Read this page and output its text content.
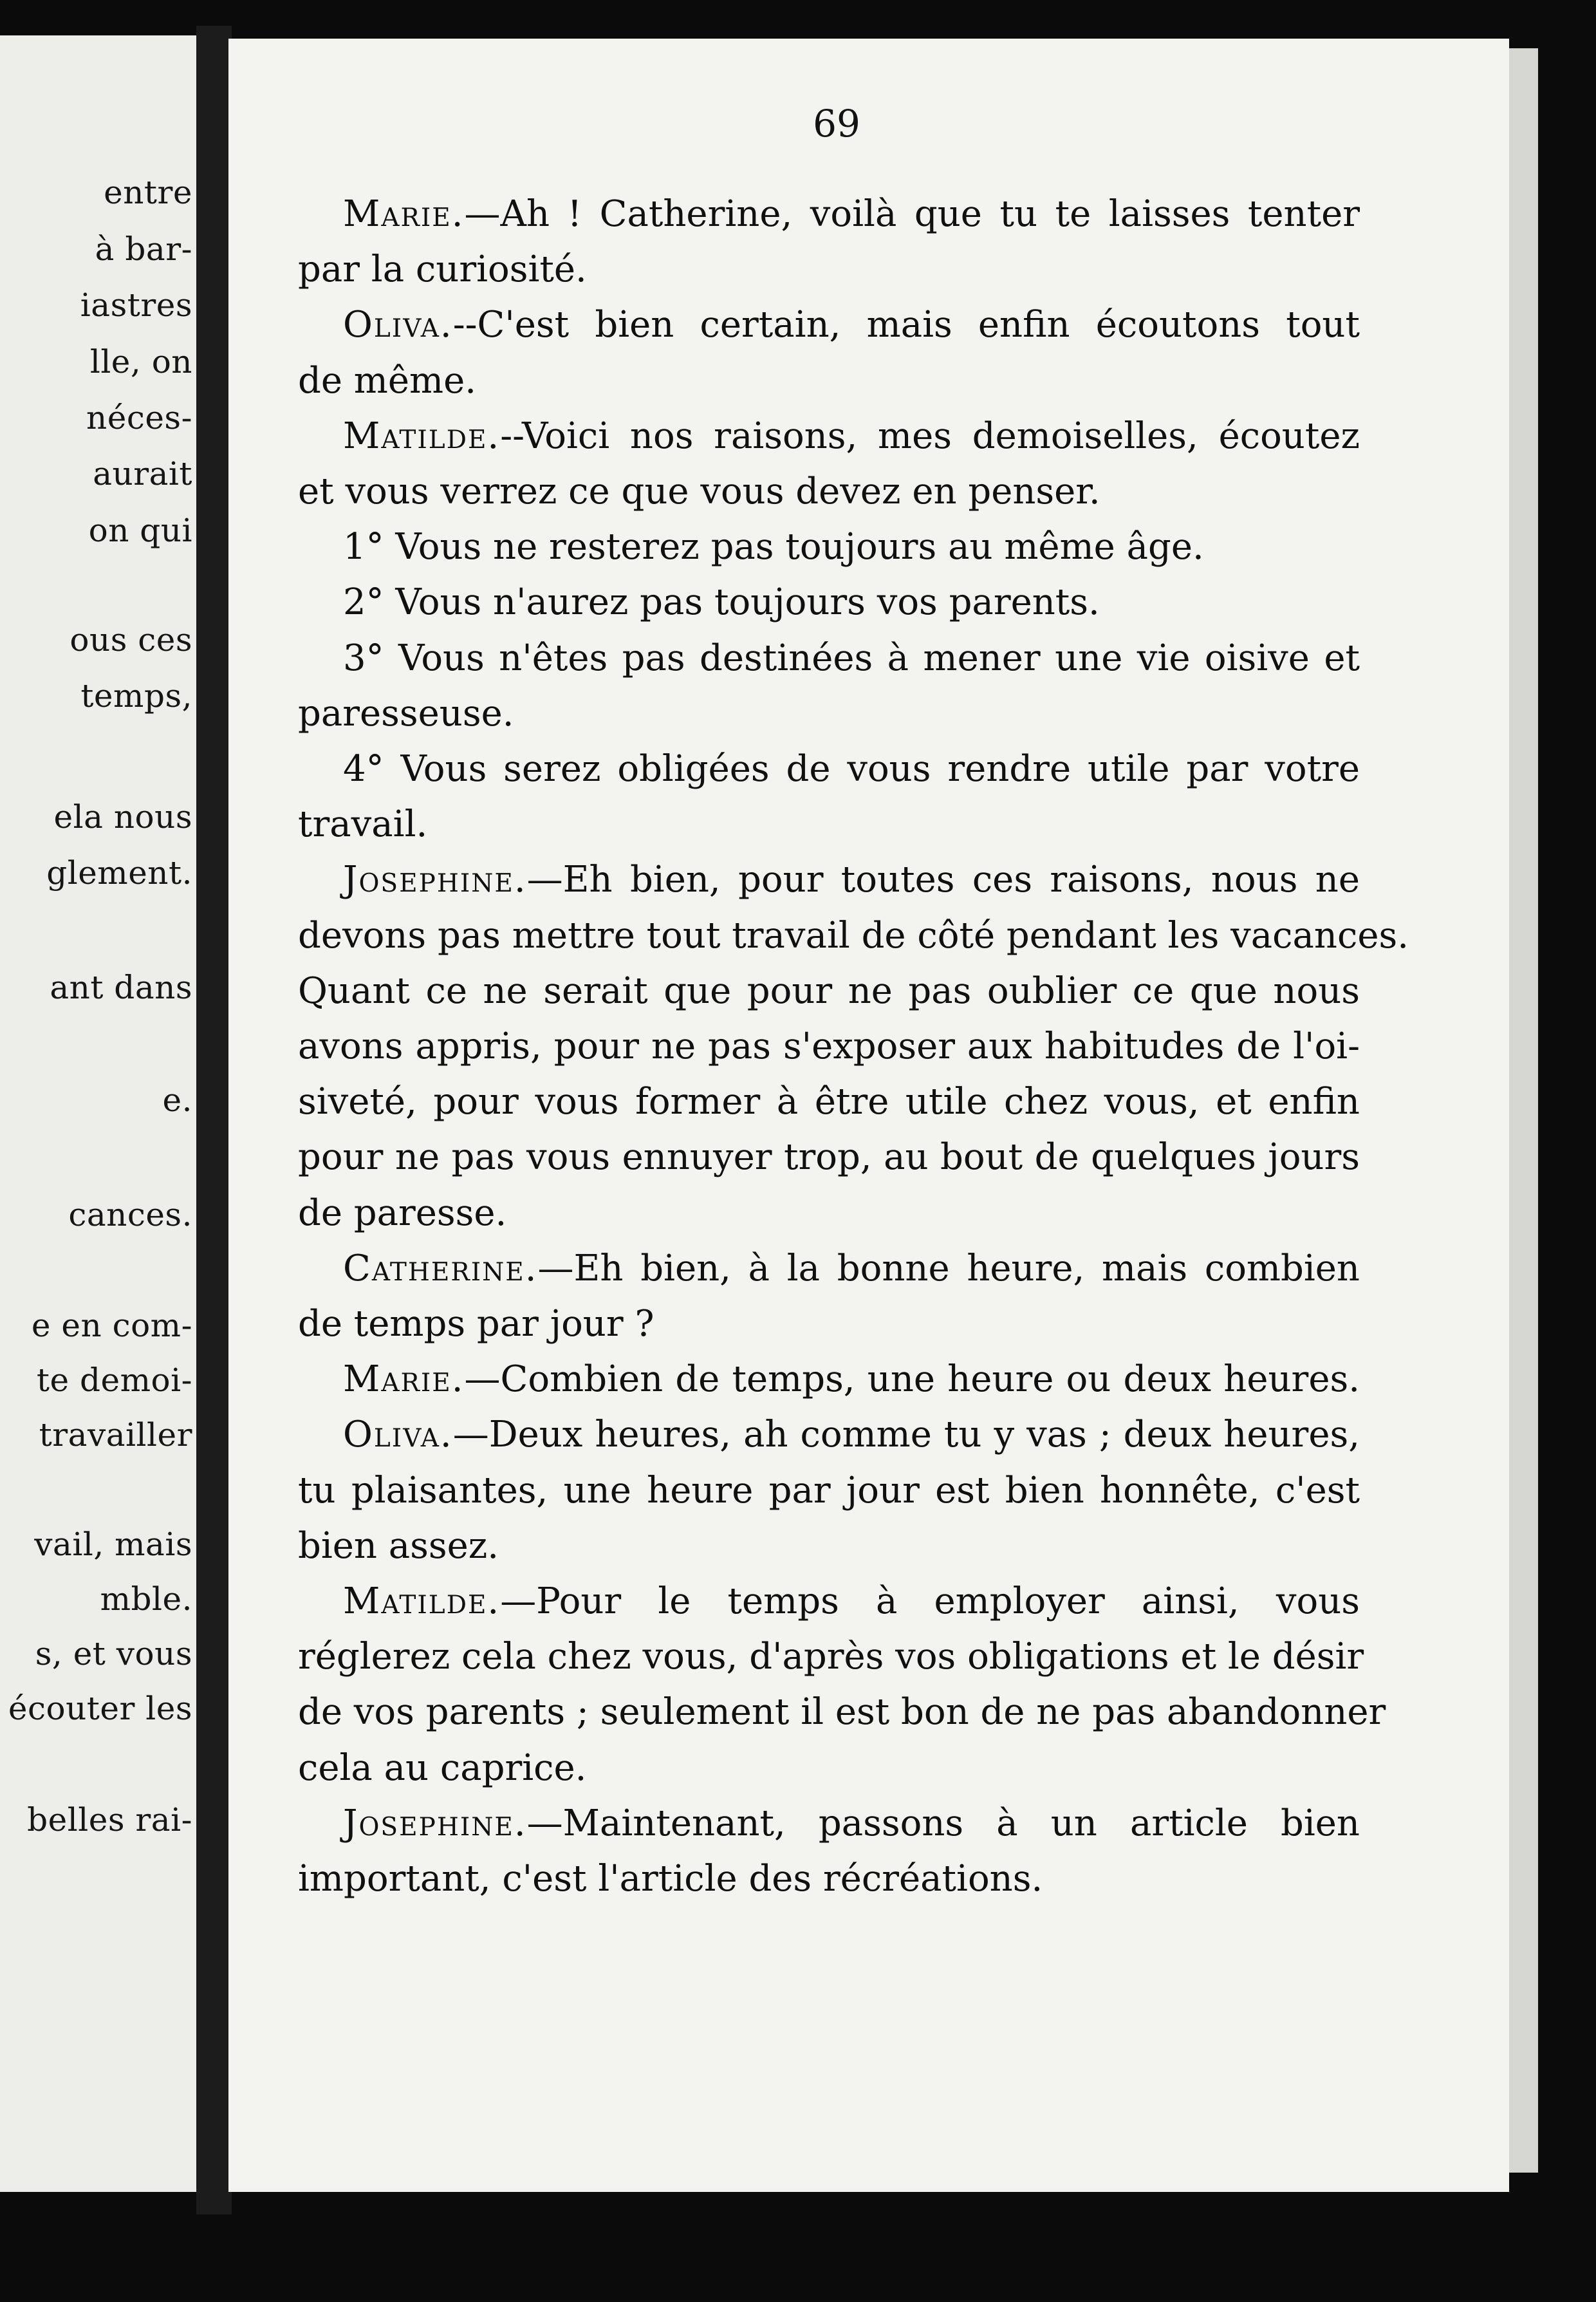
entre
à bar-
iastres
lle, on
néces-
aurait
on qui
ous ces
temps,
ela nous
glement.
ant dans
e.
cances.
e en com-
te demoi-
travailler
vail, mais
mble.
s, et vous
écouter les
belles rai-
69
Marie.—Ah ! Catherine, voilà que tu te laisses tenter
par la curiosité.
Oliva.--C'est bien certain, mais enfin écoutons tout
de même.
Matilde.--Voici nos raisons, mes demoiselles, écoutez
et vous verrez ce que vous devez en penser.
1° Vous ne resterez pas toujours au même âge.
2° Vous n'aurez pas toujours vos parents.
3° Vous n'êtes pas destinées à mener une vie oisive et
paresseuse.
4° Vous serez obligées de vous rendre utile par votre
travail.
Josephine.—Eh bien, pour toutes ces raisons, nous ne
devons pas mettre tout travail de côté pendant les vacances.
Quant ce ne serait que pour ne pas oublier ce que nous
avons appris, pour ne pas s'exposer aux habitudes de l'oi-
siveté, pour vous former à être utile chez vous, et enfin
pour ne pas vous ennuyer trop, au bout de quelques jours
de paresse.
Catherine.—Eh bien, à la bonne heure, mais combien
de temps par jour ?
Marie.—Combien de temps, une heure ou deux heures.
Oliva.—Deux heures, ah comme tu y vas ; deux heures,
tu plaisantes, une heure par jour est bien honnête, c'est
bien assez.
Matilde.—Pour le temps à employer ainsi, vous
réglerez cela chez vous, d'après vos obligations et le désir
de vos parents ; seulement il est bon de ne pas abandonner
cela au caprice.
Josephine.—Maintenant, passons à un article bien
important, c'est l'article des récréations.
